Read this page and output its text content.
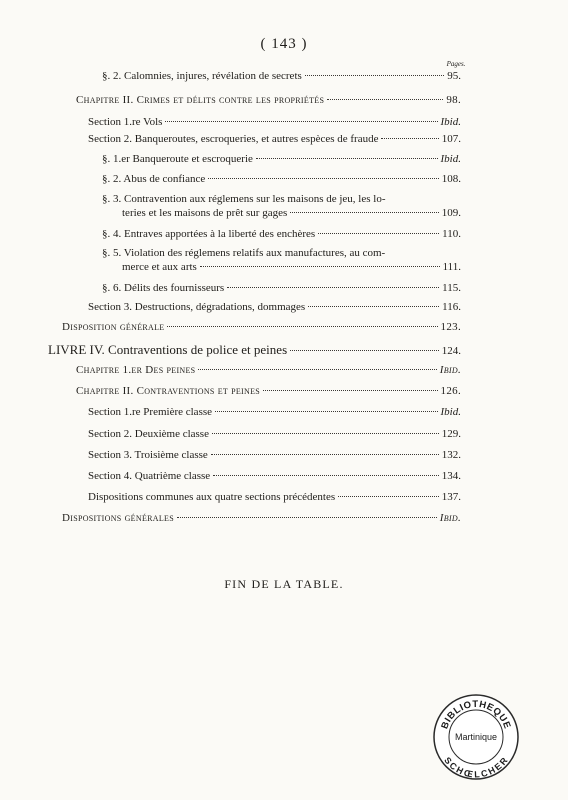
( 143 )
Pages.
§. 2. Calomnies, injures, révélation de secrets	95.
Chapitre II. Crimes et délits contre les propriétés	98.
Section 1.re Vols	Ibid.
Section 2. Banqueroutes, escroqueries, et autres espèces de fraude	107.
§. 1.er Banqueroute et escroquerie	Ibid.
§. 2. Abus de confiance	108.
§. 3. Contravention aux réglemens sur les maisons de jeu, les lo-
teries et les maisons de prêt sur gages	109.
§. 4. Entraves apportées à la liberté des enchères	110.
§. 5. Violation des réglemens relatifs aux manufactures, au com-
merce et aux arts	111.
§. 6. Délits des fournisseurs	115.
Section 3. Destructions, dégradations, dommages	116.
Disposition générale	123.
LIVRE IV. Contraventions de police et peines	124.
Chapitre 1.er Des peines	Ibid.
Chapitre II. Contraventions et peines	126.
Section 1.re Première classe	Ibid.
Section 2. Deuxième classe	129.
Section 3. Troisième classe	132.
Section 4. Quatrième classe	134.
Dispositions communes aux quatre sections précédentes	137.
Dispositions générales	Ibid.
FIN DE LA TABLE.
BIBLIOTHEQUE
Martinique
SCHŒLCHER
